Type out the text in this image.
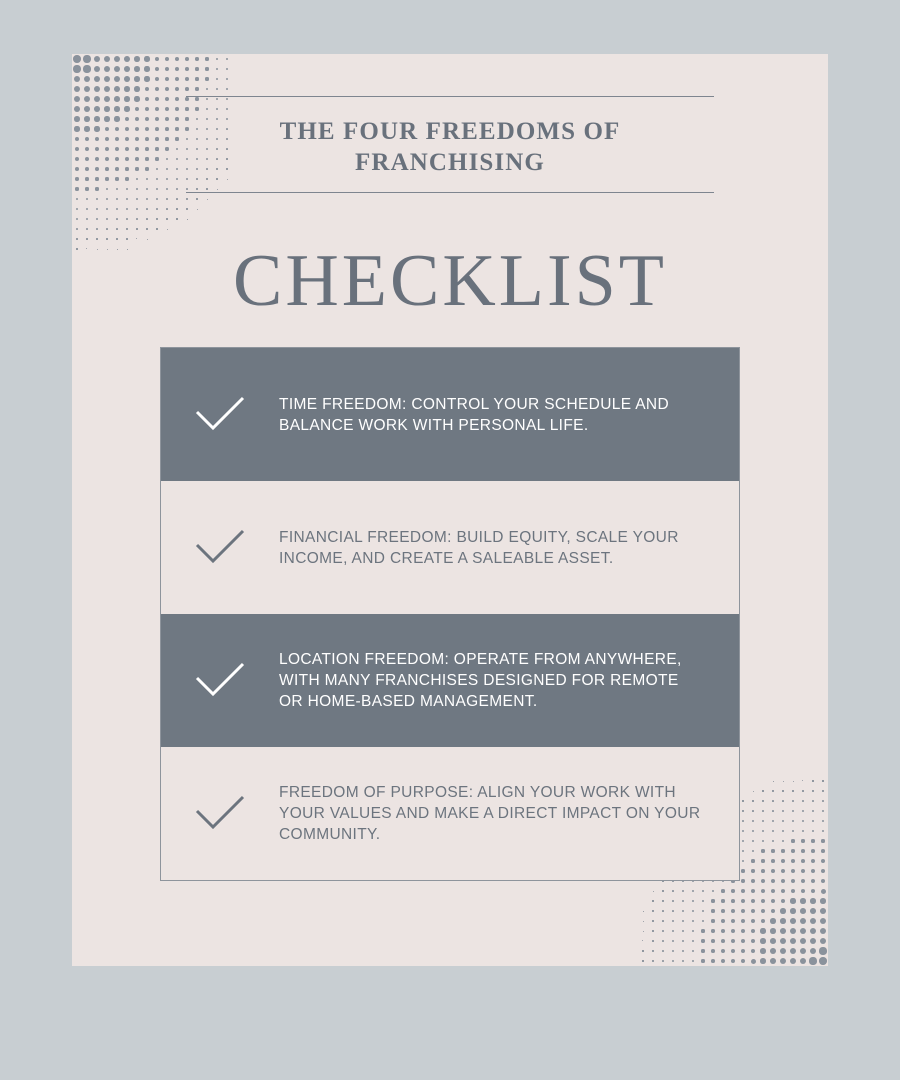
THE FOUR FREEDOMS OF FRANCHISING
CHECKLIST
TIME FREEDOM: CONTROL YOUR SCHEDULE AND BALANCE WORK WITH PERSONAL LIFE.
FINANCIAL FREEDOM: BUILD EQUITY, SCALE YOUR INCOME, AND CREATE A SALEABLE ASSET.
LOCATION FREEDOM: OPERATE FROM ANYWHERE, WITH MANY FRANCHISES DESIGNED FOR REMOTE OR HOME-BASED MANAGEMENT.
FREEDOM OF PURPOSE: ALIGN YOUR WORK WITH YOUR VALUES AND MAKE A DIRECT IMPACT ON YOUR COMMUNITY.
